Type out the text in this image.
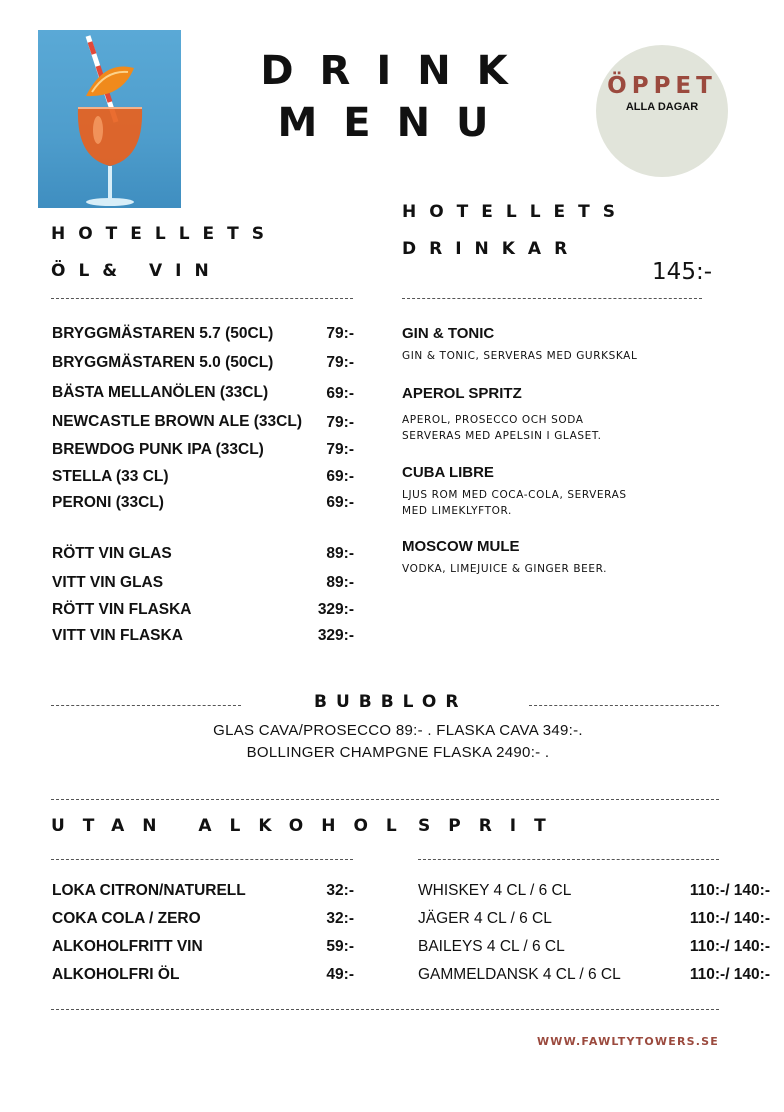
DRINK
MENU
ÖPPET
ALLA DAGAR
HOTELLETS
ÖL& VIN
HOTELLETS
DRINKAR
145:-
BRYGGMÄSTAREN 5.7 (50CL)	79:-
BRYGGMÄSTAREN 5.0 (50CL)	79:-
BÄSTA MELLANÖLEN (33CL)	69:-
NEWCASTLE BROWN ALE (33CL)	79:-
BREWDOG PUNK IPA (33CL)	79:-
STELLA (33 CL)	69:-
PERONI (33CL)	69:-
RÖTT VIN GLAS	89:-
VITT VIN GLAS	89:-
RÖTT VIN FLASKA	329:-
VITT VIN FLASKA	329:-
GIN & TONIC
GIN & TONIC, SERVERAS MED GURKSKAL
APEROL SPRITZ
APEROL, PROSECCO OCH SODA
SERVERAS MED APELSIN I GLASET.
CUBA LIBRE
LJUS ROM MED COCA-COLA, SERVERAS
MED LIMEKLYFTOR.
MOSCOW MULE
VODKA, LIMEJUICE & GINGER BEER.
BUBBLOR
GLAS CAVA/PROSECCO 89:- . FLASKA CAVA 349:-.
BOLLINGER CHAMPGNE FLASKA 2490:- .
UTAN ALKOHOL SPRIT
LOKA CITRON/NATURELL	32:-
COKA COLA / ZERO	32:-
ALKOHOLFRITT VIN	59:-
ALKOHOLFRI ÖL	49:-
WHISKEY 4 CL / 6 CL	110:-/ 140:-
JÄGER 4 CL / 6 CL	110:-/ 140:-
BAILEYS 4 CL / 6 CL	110:-/ 140:-
GAMMELDANSK 4 CL / 6 CL	110:-/ 140:-
WWW.FAWLTYTOWERS.SE
